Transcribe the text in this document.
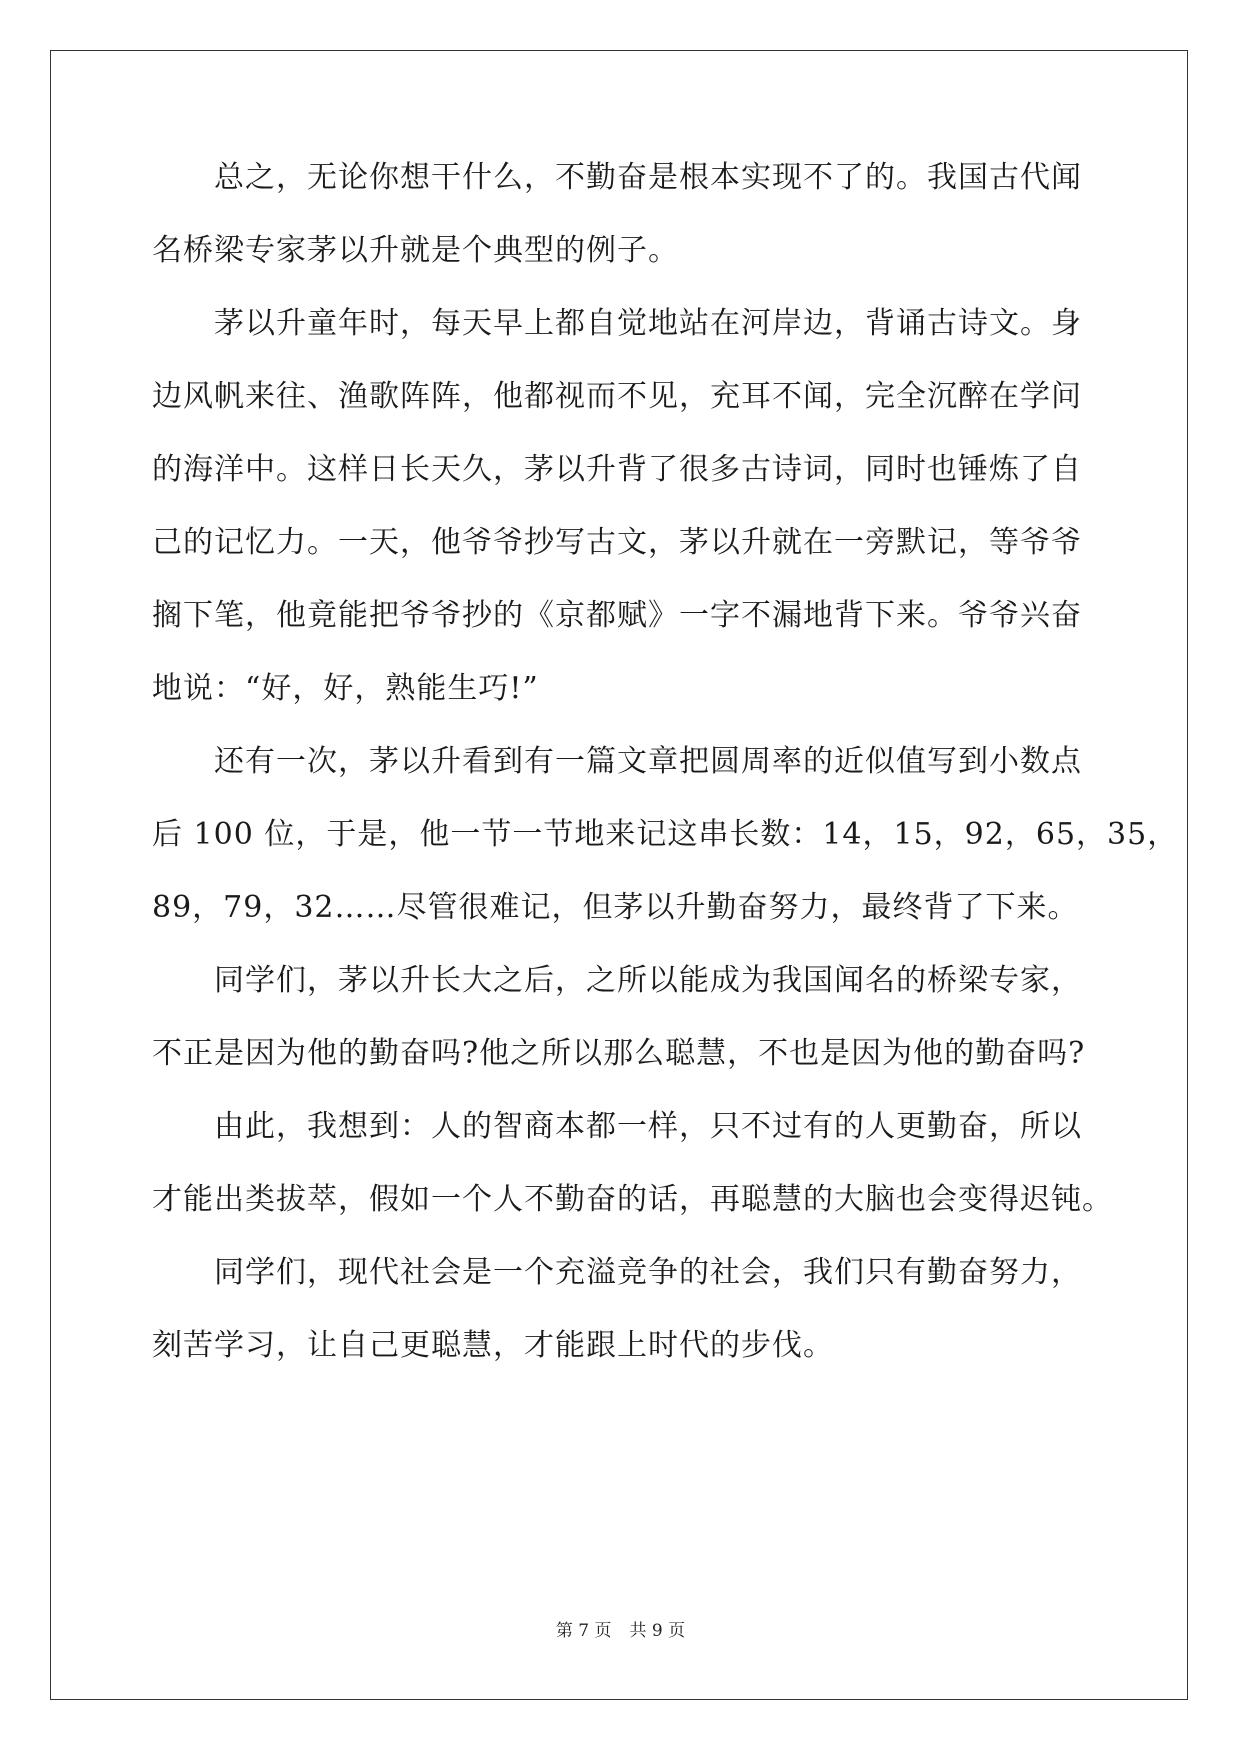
　　总之，无论你想干什么，不勤奋是根本实现不了的。我国古代闻
名桥梁专家茅以升就是个典型的例子。
　　茅以升童年时，每天早上都自觉地站在河岸边，背诵古诗文。身
边风帆来往、渔歌阵阵，他都视而不见，充耳不闻，完全沉醉在学问
的海洋中。这样日长天久，茅以升背了很多古诗词，同时也锤炼了自
己的记忆力。一天，他爷爷抄写古文，茅以升就在一旁默记，等爷爷
搁下笔，他竟能把爷爷抄的《京都赋》一字不漏地背下来。爷爷兴奋
地说：“好，好，熟能生巧!”
　　还有一次，茅以升看到有一篇文章把圆周率的近似值写到小数点
后 100 位，于是，他一节一节地来记这串长数：14，15，92，65，35，
89，79，32……尽管很难记，但茅以升勤奋努力，最终背了下来。
　　同学们，茅以升长大之后，之所以能成为我国闻名的桥梁专家，
不正是因为他的勤奋吗?他之所以那么聪慧，不也是因为他的勤奋吗?
　　由此，我想到：人的智商本都一样，只不过有的人更勤奋，所以
才能出类拔萃，假如一个人不勤奋的话，再聪慧的大脑也会变得迟钝。
　　同学们，现代社会是一个充溢竞争的社会，我们只有勤奋努力，
刻苦学习，让自己更聪慧，才能跟上时代的步伐。
第 7 页 共 9 页
